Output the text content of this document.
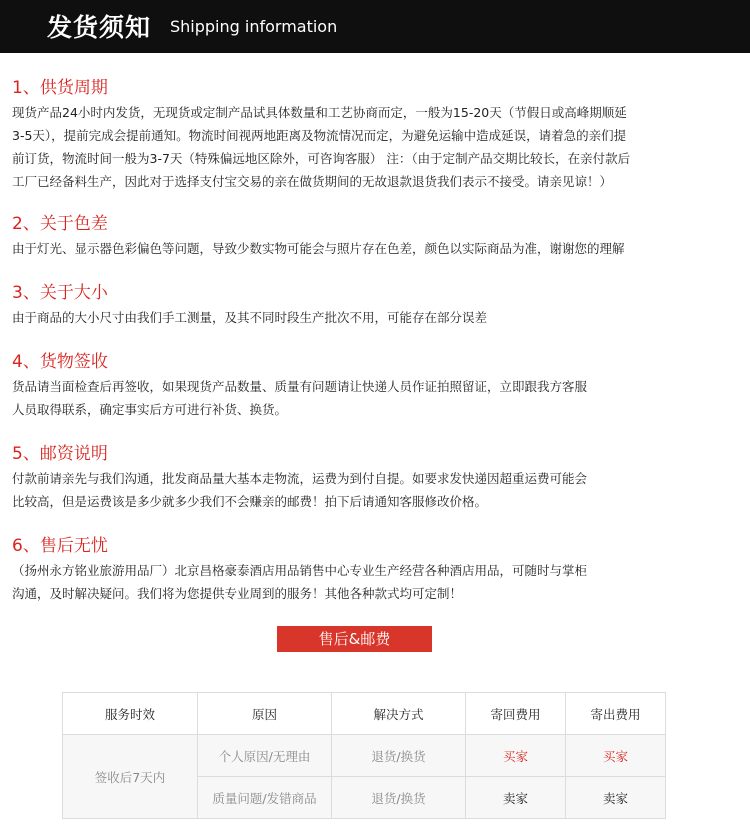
发货须知 Shipping information
1、供货周期

现货产品24小时内发货，无现货或定制产品试具体数量和工艺协商而定，一般为15-20天（节假日或高峰期顺延
3-5天），提前完成会提前通知。物流时间视两地距离及物流情况而定，为避免运输中造成延误，请着急的亲们提
前订货，物流时间一般为3-7天（特殊偏远地区除外，可咨询客服） 注：（由于定制产品交期比较长，在亲付款后
工厂已经备料生产，因此对于选择支付宝交易的亲在做货期间的无故退款退货我们表示不接受。请亲见谅！）

2、关于色差

由于灯光、显示器色彩偏色等问题，导致少数实物可能会与照片存在色差，颜色以实际商品为准，谢谢您的理解

3、关于大小

由于商品的大小尺寸由我们手工测量，及其不同时段生产批次不用，可能存在部分误差

4、货物签收

货品请当面检查后再签收，如果现货产品数量、质量有问题请让快递人员作证拍照留证，立即跟我方客服
人员取得联系，确定事实后方可进行补货、换货。

5、邮资说明

付款前请亲先与我们沟通，批发商品量大基本走物流，运费为到付自提。如要求发快递因超重运费可能会
比较高，但是运费该是多少就多少我们不会赚亲的邮费！拍下后请通知客服修改价格。

6、售后无忧

（扬州永方铭业旅游用品厂）北京昌格豪泰酒店用品销售中心专业生产经营各种酒店用品，可随时与掌柜
沟通，及时解决疑问。我们将为您提供专业周到的服务！其他各种款式均可定制！

售后&邮费
服务时效	原因	解决方式	寄回费用	寄出费用
签收后7天内	个人原因/无理由	退货/换货	买家	买家
	质量问题/发错商品	退货/换货	卖家	卖家
